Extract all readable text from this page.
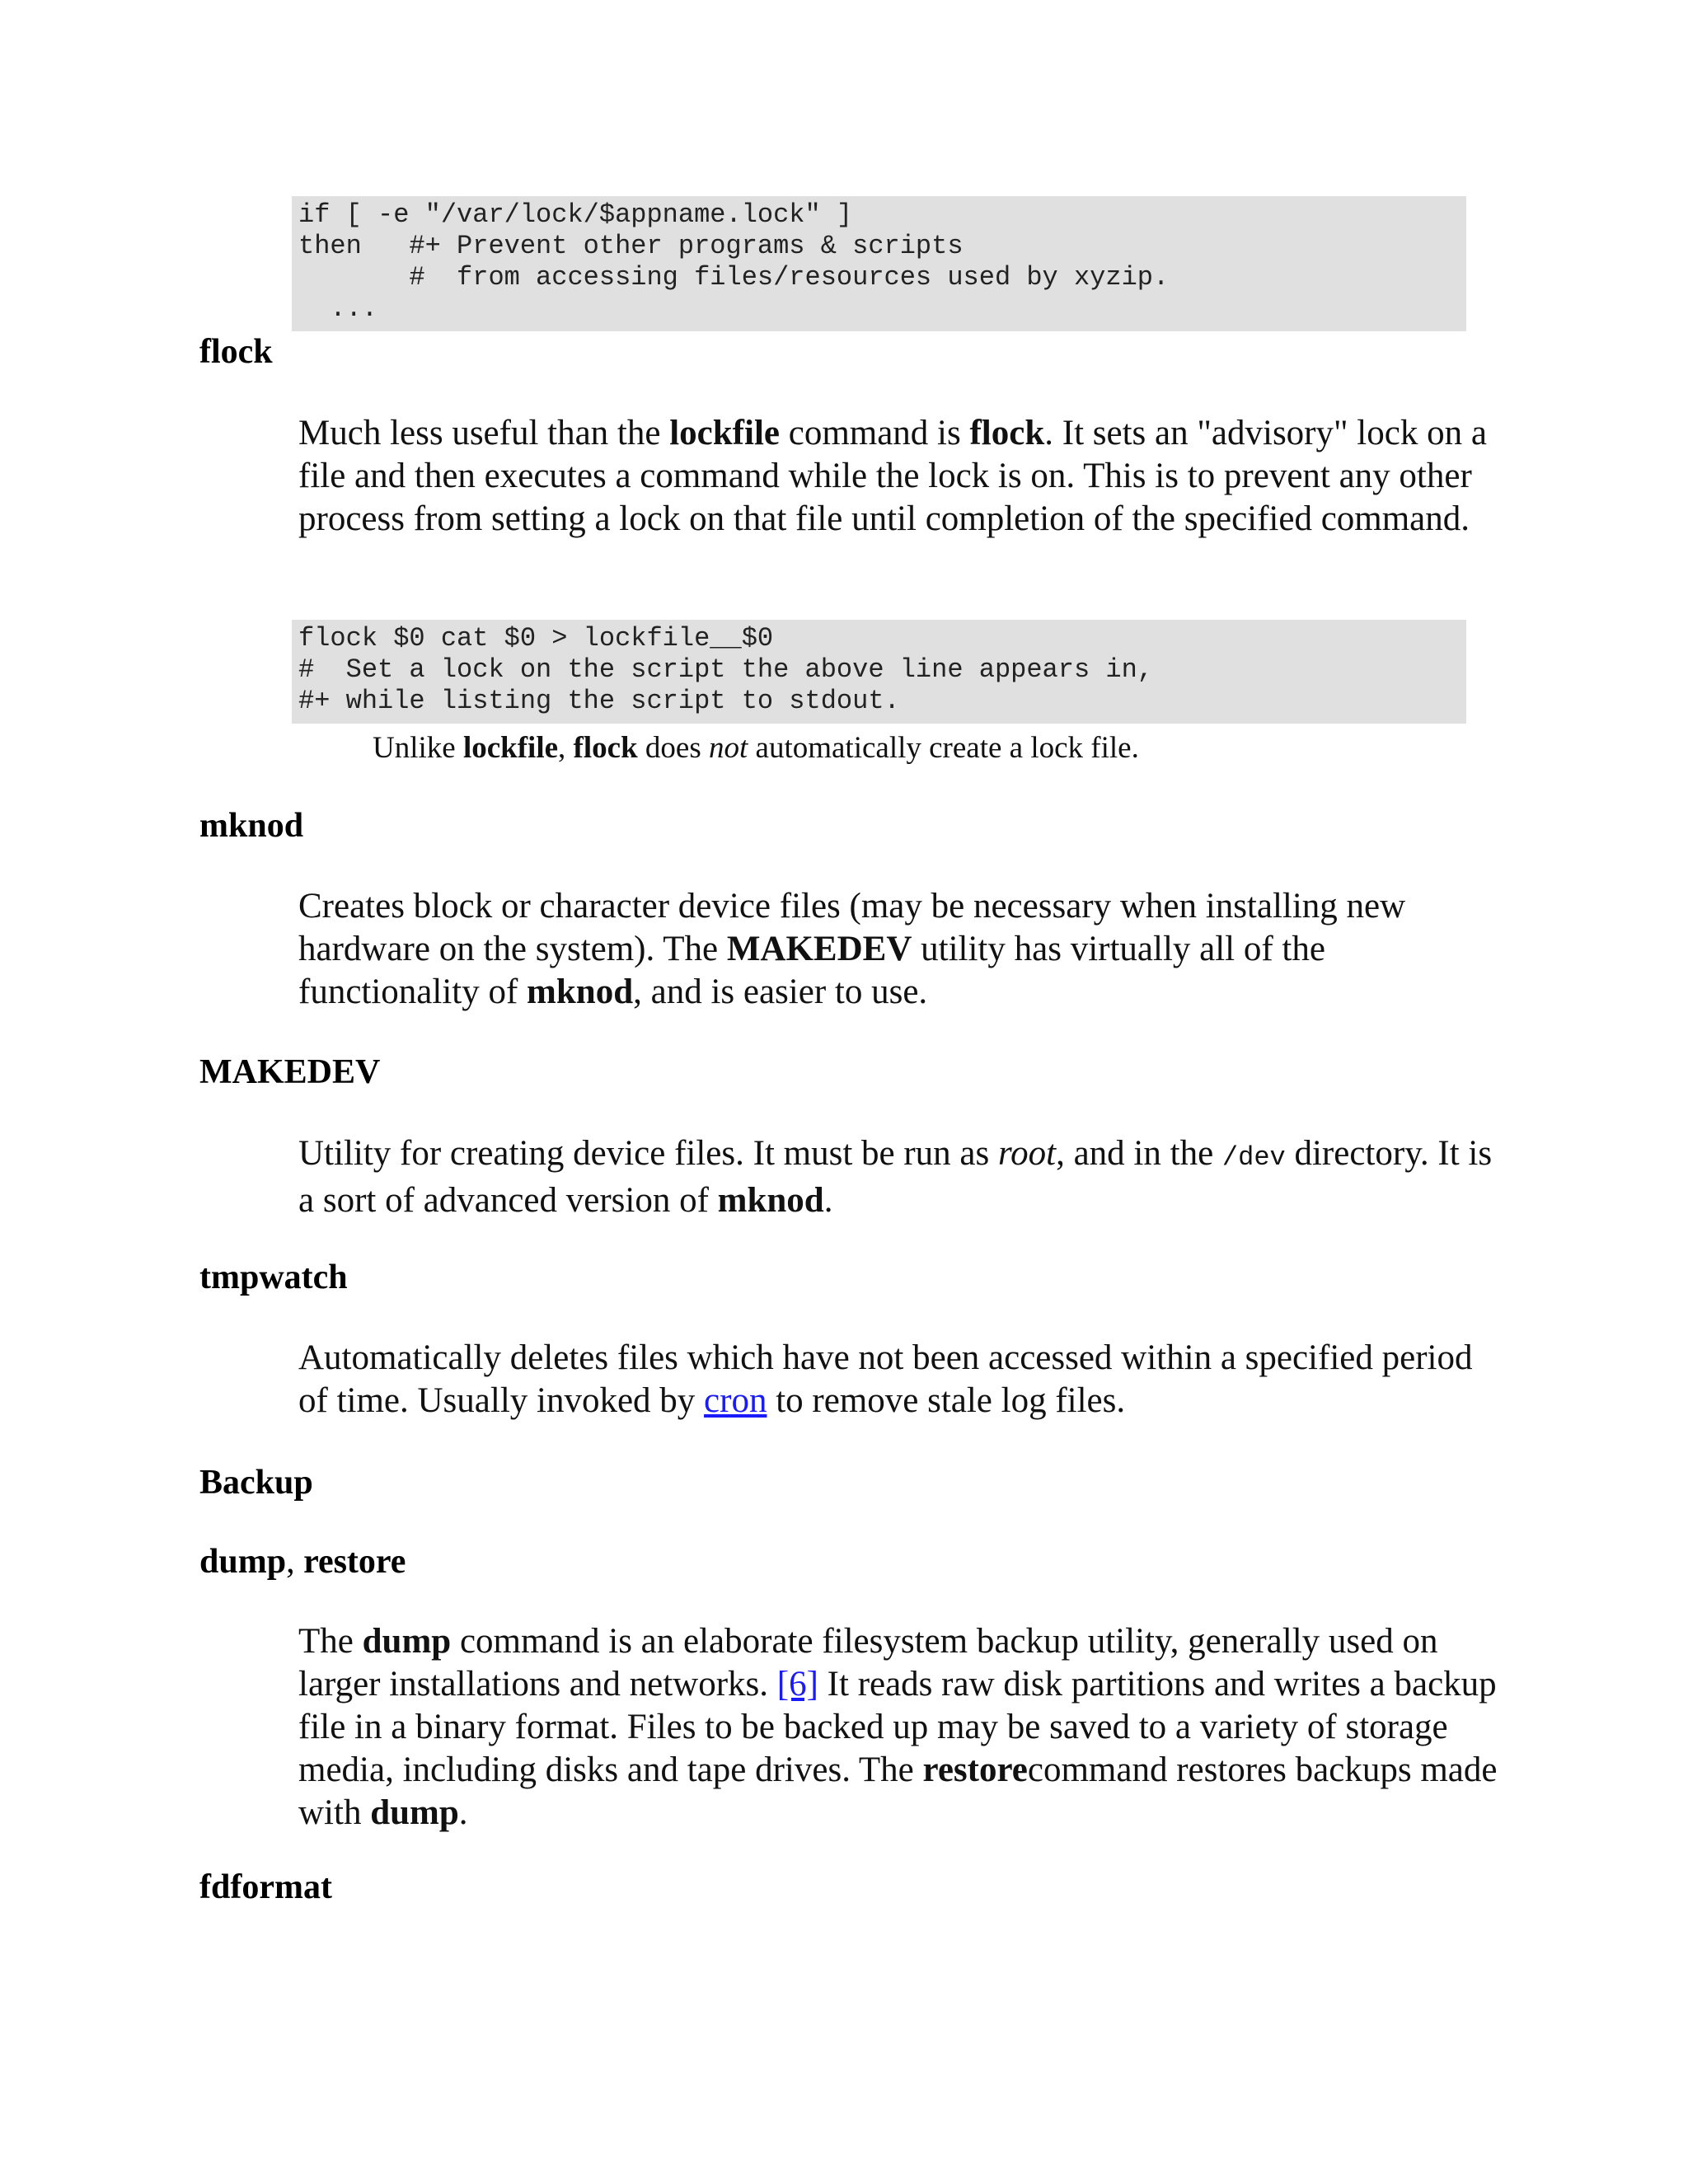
if [ -e "/var/lock/$appname.lock" ]
then   #+ Prevent other programs & scripts
#  from accessing files/resources used by xyzip.
...
flock

Much less useful than the lockfile command is flock. It sets an "advisory" lock on a file and then executes a command while the lock is on. This is to prevent any other process from setting a lock on that file until completion of the specified command.

flock $0 cat $0 > lockfile__$0
#  Set a lock on the script the above line appears in,
#+ while listing the script to stdout.

Unlike lockfile, flock does not automatically create a lock file.

mknod

Creates block or character device files (may be necessary when installing new hardware on the system). The MAKEDEV utility has virtually all of the functionality of mknod, and is easier to use.

MAKEDEV

Utility for creating device files. It must be run as root, and in the /dev directory. It is a sort of advanced version of mknod.

tmpwatch

Automatically deletes files which have not been accessed within a specified period of time. Usually invoked by cron to remove stale log files.

Backup
dump, restore

The dump command is an elaborate filesystem backup utility, generally used on larger installations and networks. [6] It reads raw disk partitions and writes a backup file in a binary format. Files to be backed up may be saved to a variety of storage media, including disks and tape drives. The restorecommand restores backups made with dump.

fdformat
